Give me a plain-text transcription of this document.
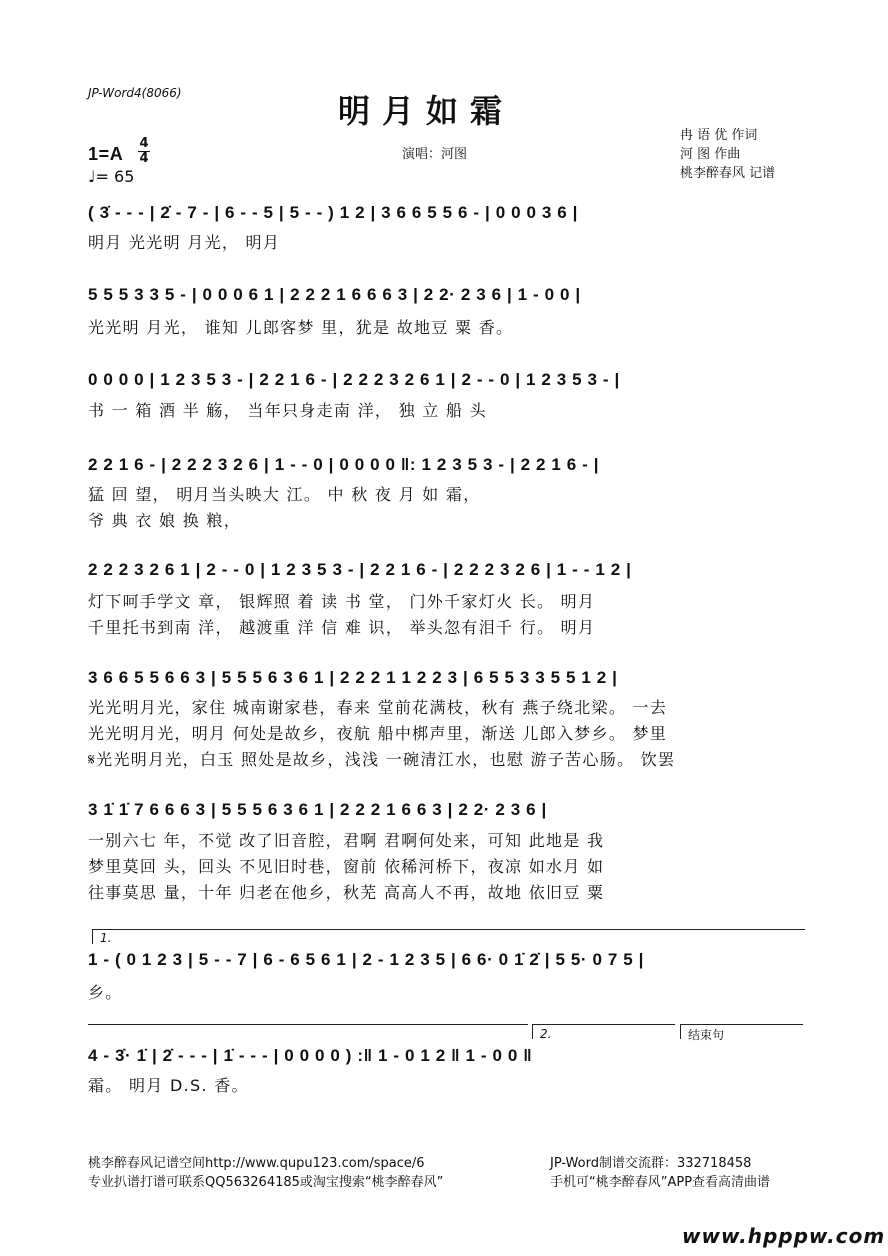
JP-Word4(8066)	明月如霜
1=A
4
4
♩= 65
演唱：河图
冉 语 优 作词
河 图 作曲
桃李醉春风 记谱
( 3̇ - - - | 2̇ - 7 - | 6 - - 5 | 5 - - ) 1 2 | 3 6 6 5 5 6 - | 0 0 0 3 6 |
明月 光光明 月光， 明月
5 5 5 3 3 5 - | 0 0 0 6 1 | 2 2 2 1 6 6 6 3 | 2 2· 2 3 6 | 1 - 0 0 |
光光明 月光， 谁知 儿郎客梦 里，犹是 故地豆 粟 香。
0 0 0 0 | 1 2 3 5 3 - | 2 2 1 6 - | 2 2 2 3 2 6 1 | 2 - - 0 | 1 2 3 5 3 - |
书 一 箱 酒 半 觞， 当年只身走南 洋， 独 立 船 头
2 2 1 6 - | 2 2 2 3 2 6 | 1 - - 0 | 0 0 0 0 ‖: 1 2 3 5 3 - | 2 2 1 6 - |
猛 回 望， 明月当头映大 江。 中 秋 夜 月 如 霜，
爷 典 衣 娘 换 粮，
2 2 2 3 2 6 1 | 2 - - 0 | 1 2 3 5 3 - | 2 2 1 6 - | 2 2 2 3 2 6 | 1 - - 1 2 |
灯下呵手学文 章， 银辉照 着 读 书 堂， 门外千家灯火 长。 明月
千里托书到南 洋， 越渡重 洋 信 难 识， 举头忽有泪千 行。 明月
3 6 6 5 5 6 6 3 | 5 5 5 6 3 6 1 | 2 2 2 1 1 2 2 3 | 6 5 5 3 3 5 5 1 2 |
光光明月光，家住 城南谢家巷，春来 堂前花满枝，秋有 燕子绕北梁。 一去
光光明月光，明月 何处是故乡，夜航 船中梆声里，渐送 儿郎入梦乡。 梦里
𝄋光光明月光，白玉 照处是故乡，浅浅 一碗清江水，也慰 游子苦心肠。 饮罢
3 1̇ 1̇ 7 6 6 6 3 | 5 5 5 6 3 6 1 | 2 2 2 1 6 6 3 | 2 2· 2 3 6 |
一别六七 年，不觉 改了旧音腔，君啊 君啊何处来，可知 此地是 我
梦里莫回 头，回头 不见旧时巷，窗前 依稀河桥下，夜凉 如水月 如
往事莫思 量，十年 归老在他乡，秋芜 高高人不再，故地 依旧豆 粟
1.
1 - ( 0 1 2 3 | 5 - - 7 | 6 - 6 5 6 1 | 2 - 1 2 3 5 | 6 6· 0 1̇ 2̇ | 5 5· 0 7 5 |
乡。
2.	结束句
4 - 3̇· 1̇ | 2̇ - - - | 1̇ - - - | 0 0 0 0 ) :‖ 1 - 0 1 2 ‖ 1 - 0 0 ‖
霜。 明月 D.S. 香。
桃李醉春风记谱空间http://www.qupu123.com/space/6
专业扒谱打谱可联系QQ563264185或淘宝搜索“桃李醉春风”
JP-Word制谱交流群：332718458
手机可“桃李醉春风”APP查看高清曲谱
www.hpppw.com
